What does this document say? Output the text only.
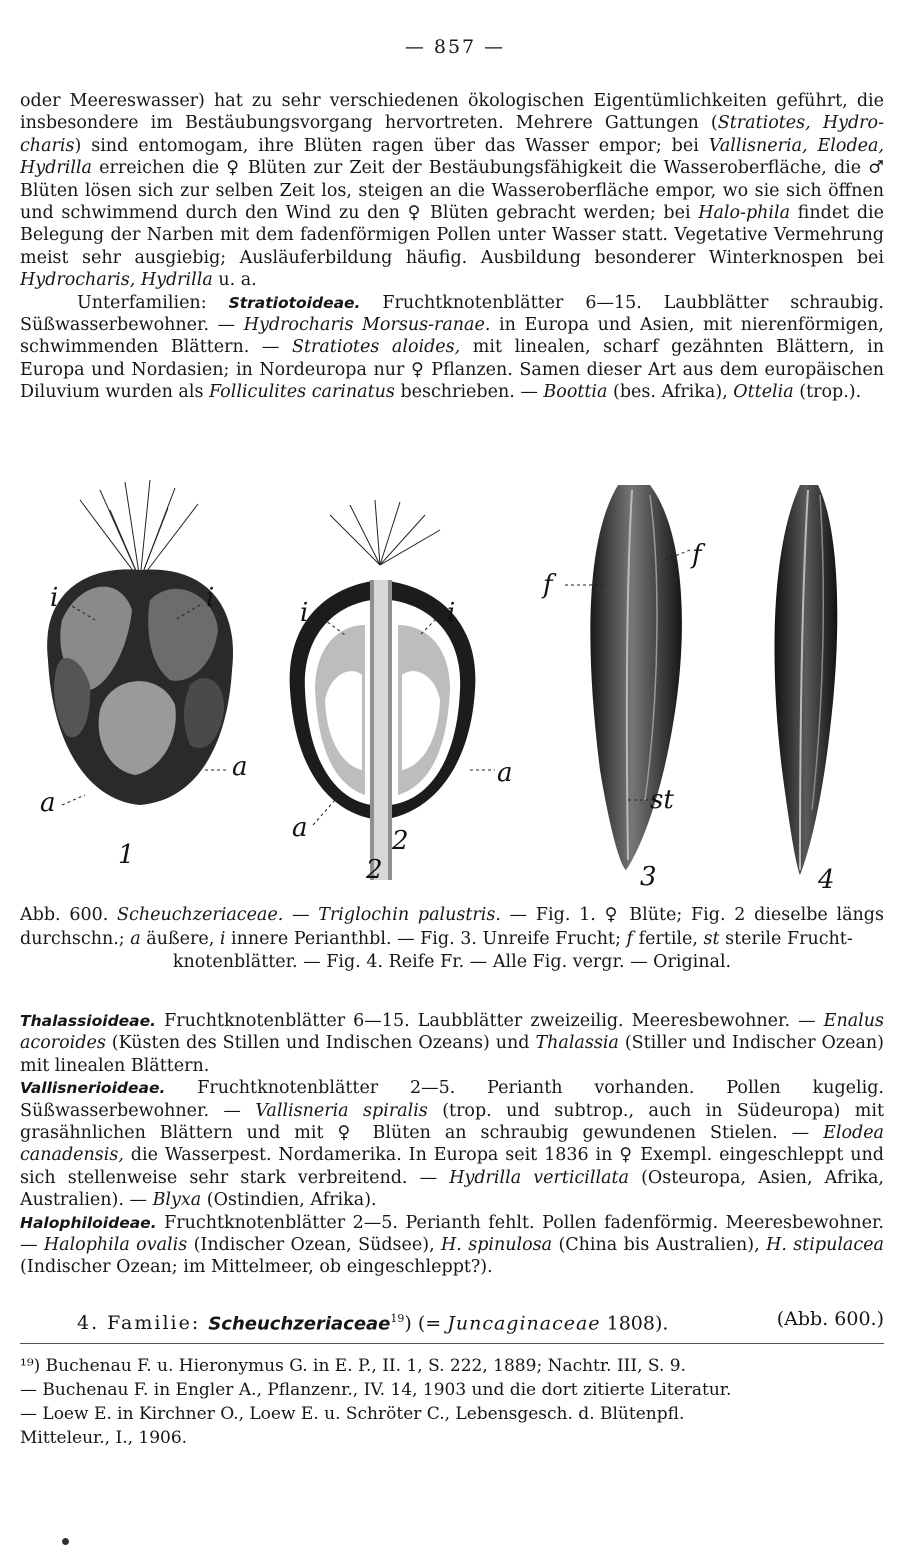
— 857 —

oder Meereswasser) hat zu sehr verschiedenen ökologischen Eigentümlichkeiten geführt, die insbesondere im Bestäubungsvorgang hervortreten. Mehrere Gattungen (Stratiotes, Hydro-charis) sind entomogam, ihre Blüten ragen über das Wasser empor; bei Vallisneria, Elodea, Hydrilla erreichen die ♀ Blüten zur Zeit der Bestäubungsfähigkeit die Wasseroberfläche, die ♂ Blüten lösen sich zur selben Zeit los, steigen an die Wasseroberfläche empor, wo sie sich öffnen und schwimmend durch den Wind zu den ♀ Blüten gebracht werden; bei Halo-phila findet die Belegung der Narben mit dem fadenförmigen Pollen unter Wasser statt. Vegetative Vermehrung meist sehr ausgiebig; Ausläuferbildung häufig. Ausbildung besonderer Winterknospen bei Hydrocharis, Hydrilla u. a.

Unterfamilien: Stratiotoideae. Fruchtknotenblätter 6—15. Laubblätter schraubig. Süßwasserbewohner. — Hydrocharis Morsus-ranae. in Europa und Asien, mit nierenförmigen, schwimmenden Blättern. — Stratiotes aloides, mit linealen, scharf gezähnten Blättern, in Europa und Nordasien; in Nordeuropa nur ♀ Pflanzen. Samen dieser Art aus dem europäischen Diluvium wurden als Folliculites carinatus beschrieben. — Boottia (bes. Afrika), Ottelia (trop.).

i	i
a
a
1
i	i
a
a	2
2
f
f
st
3	4
Abb. 600. Scheuchzeriaceae. — Triglochin palustris. — Fig. 1. ♀ Blüte; Fig. 2 dieselbe längs durchschn.; a äußere, i innere Perianthbl. — Fig. 3. Unreife Frucht; f fertile, st sterile Frucht-
knotenblätter. — Fig. 4. Reife Fr. — Alle Fig. vergr. — Original.

Thalassioideae. Fruchtknotenblätter 6—15. Laubblätter zweizeilig. Meeresbewohner. — Enalus acoroides (Küsten des Stillen und Indischen Ozeans) und Thalassia (Stiller und Indischer Ozean) mit linealen Blättern.

Vallisnerioideae. Fruchtknotenblätter 2—5. Perianth vorhanden. Pollen kugelig. Süßwasserbewohner. — Vallisneria spiralis (trop. und subtrop., auch in Südeuropa) mit grasähnlichen Blättern und mit ♀ Blüten an schraubig gewundenen Stielen. — Elodea canadensis, die Wasserpest. Nordamerika. In Europa seit 1836 in ♀ Exempl. eingeschleppt und sich stellenweise sehr stark verbreitend. — Hydrilla verticillata (Osteuropa, Asien, Afrika, Australien). — Blyxa (Ostindien, Afrika).

Halophiloideae. Fruchtknotenblätter 2—5. Perianth fehlt. Pollen fadenförmig. Meeresbewohner. — Halophila ovalis (Indischer Ozean, Südsee), H. spinulosa (China bis Australien), H. stipulacea (Indischer Ozean; im Mittelmeer, ob eingeschleppt?).

4. Familie: Scheuchzeriaceae$^{19}$) (= Juncaginaceae 1808).	(Abb. 600.)

¹⁹) Buchenau F. u. Hieronymus G. in E. P., II. 1, S. 222, 1889; Nachtr. III, S. 9.

— Buchenau F. in Engler A., Pflanzenr., IV. 14, 1903 und die dort zitierte Literatur.

— Loew E. in Kirchner O., Loew E. u. Schröter C., Lebensgesch. d. Blütenpfl.

Mitteleur., I., 1906.
